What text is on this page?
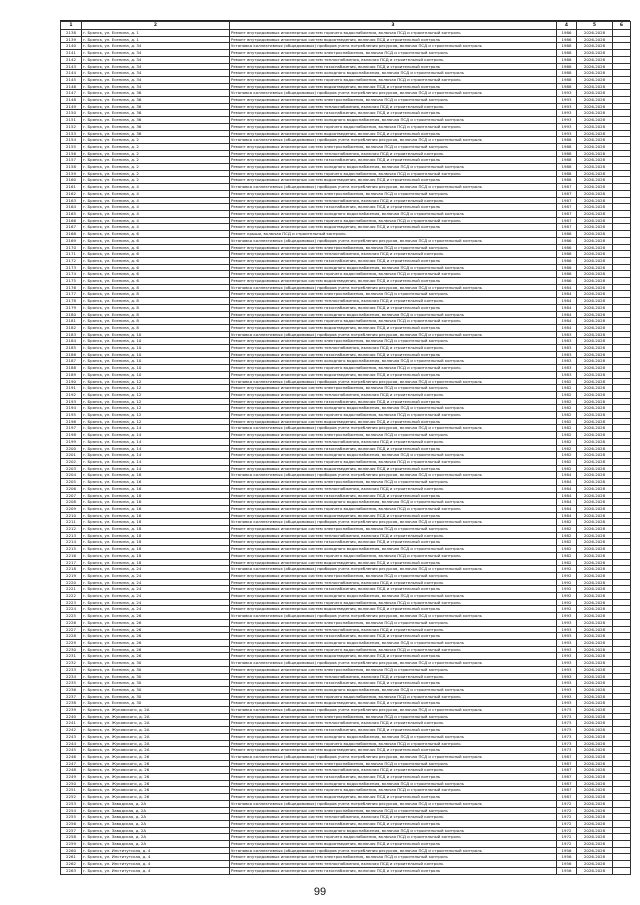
1	2	3	4	5	6
2138	г. Брянск, ул. Есенина, д. 1	Ремонт внутридомовых инженерных систем горячего водоснабжения, включая ПСД и строительный контроль	1986	2026-2028	
2139	г. Брянск, ул. Есенина, д. 1	Ремонт внутридомовых инженерных систем водоотведения, включая ПСД и строительный контроль	1986	2026-2028	
2140	г. Брянск, ул. Есенина, д. 34	Установка коллективных (общедомовых) приборов учета потребления ресурсов, включая ПСД и строительный контроль	1988	2026-2028	
2141	г. Брянск, ул. Есенина, д. 34	Ремонт внутридомовых инженерных систем электроснабжения, включая ПСД и строительный контроль	1988	2026-2028	
2142	г. Брянск, ул. Есенина, д. 34	Ремонт внутридомовых инженерных систем теплоснабжения, включая ПСД и строительный контроль	1988	2026-2028	
2143	г. Брянск, ул. Есенина, д. 34	Ремонт внутридомовых инженерных систем газоснабжения, включая ПСД и строительный контроль	1988	2026-2028	
2144	г. Брянск, ул. Есенина, д. 34	Ремонт внутридомовых инженерных систем холодного водоснабжения, включая ПСД и строительный контроль	1988	2026-2028	
2145	г. Брянск, ул. Есенина, д. 34	Ремонт внутридомовых инженерных систем горячего водоснабжения, включая ПСД и строительный контроль	1988	2026-2028	
2146	г. Брянск, ул. Есенина, д. 34	Ремонт внутридомовых инженерных систем водоотведения, включая ПСД и строительный контроль	1988	2026-2028	
2147	г. Брянск, ул. Есенина, д. 36	Установка коллективных (общедомовых) приборов учета потребления ресурсов, включая ПСД и строительный контроль	1993	2026-2028	
2148	г. Брянск, ул. Есенина, д. 36	Ремонт внутридомовых инженерных систем электроснабжения, включая ПСД и строительный контроль	1993	2026-2028	
2149	г. Брянск, ул. Есенина, д. 36	Ремонт внутридомовых инженерных систем теплоснабжения, включая ПСД и строительный контроль	1993	2026-2028	
2150	г. Брянск, ул. Есенина, д. 36	Ремонт внутридомовых инженерных систем газоснабжения, включая ПСД и строительный контроль	1993	2026-2028	
2151	г. Брянск, ул. Есенина, д. 36	Ремонт внутридомовых инженерных систем холодного водоснабжения, включая ПСД и строительный контроль	1993	2026-2028	
2152	г. Брянск, ул. Есенина, д. 36	Ремонт внутридомовых инженерных систем горячего водоснабжения, включая ПСД и строительный контроль	1993	2026-2028	
2153	г. Брянск, ул. Есенина, д. 36	Ремонт внутридомовых инженерных систем водоотведения, включая ПСД и строительный контроль	1993	2026-2028	
2154	г. Брянск, ул. Есенина, д. 2	Установка коллективных (общедомовых) приборов учета потребления ресурсов, включая ПСД и строительный контроль	1988	2026-2028	
2155	г. Брянск, ул. Есенина, д. 2	Ремонт внутридомовых инженерных систем электроснабжения, включая ПСД и строительный контроль	1988	2026-2028	
2156	г. Брянск, ул. Есенина, д. 2	Ремонт внутридомовых инженерных систем теплоснабжения, включая ПСД и строительный контроль	1988	2026-2028	
2157	г. Брянск, ул. Есенина, д. 2	Ремонт внутридомовых инженерных систем газоснабжения, включая ПСД и строительный контроль	1988	2026-2028	
2158	г. Брянск, ул. Есенина, д. 2	Ремонт внутридомовых инженерных систем холодного водоснабжения, включая ПСД и строительный контроль	1988	2026-2028	
2159	г. Брянск, ул. Есенина, д. 2	Ремонт внутридомовых инженерных систем горячего водоснабжения, включая ПСД и строительный контроль	1988	2026-2028	
2160	г. Брянск, ул. Есенина, д. 2	Ремонт внутридомовых инженерных систем водоотведения, включая ПСД и строительный контроль	1988	2026-2028	
2161	г. Брянск, ул. Есенина, д. 4	Установка коллективных (общедомовых) приборов учета потребления ресурсов, включая ПСД и строительный контроль	1987	2026-2028	
2162	г. Брянск, ул. Есенина, д. 4	Ремонт внутридомовых инженерных систем электроснабжения, включая ПСД и строительный контроль	1987	2026-2028	
2163	г. Брянск, ул. Есенина, д. 4	Ремонт внутридомовых инженерных систем теплоснабжения, включая ПСД и строительный контроль	1987	2026-2028	
2164	г. Брянск, ул. Есенина, д. 4	Ремонт внутридомовых инженерных систем газоснабжения, включая ПСД и строительный контроль	1987	2026-2028	
2165	г. Брянск, ул. Есенина, д. 4	Ремонт внутридомовых инженерных систем холодного водоснабжения, включая ПСД и строительный контроль	1987	2026-2028	
2166	г. Брянск, ул. Есенина, д. 4	Ремонт внутридомовых инженерных систем горячего водоснабжения, включая ПСД и строительный контроль	1987	2026-2028	
2167	г. Брянск, ул. Есенина, д. 4	Ремонт внутридомовых инженерных систем водоотведения, включая ПСД и строительный контроль	1987	2026-2028	
2168	г. Брянск, ул. Есенина, д. 6	Ремонт крыши, включая ПСД и строительный контроль	1986	2026-2028	
2169	г. Брянск, ул. Есенина, д. 6	Установка коллективных (общедомовых) приборов учета потребления ресурсов, включая ПСД и строительный контроль	1986	2026-2028	
2170	г. Брянск, ул. Есенина, д. 6	Ремонт внутридомовых инженерных систем электроснабжения, включая ПСД и строительный контроль	1986	2026-2028	
2171	г. Брянск, ул. Есенина, д. 6	Ремонт внутридомовых инженерных систем теплоснабжения, включая ПСД и строительный контроль	1986	2026-2028	
2172	г. Брянск, ул. Есенина, д. 6	Ремонт внутридомовых инженерных систем газоснабжения, включая ПСД и строительный контроль	1986	2026-2028	
2173	г. Брянск, ул. Есенина, д. 6	Ремонт внутридомовых инженерных систем холодного водоснабжения, включая ПСД и строительный контроль	1986	2026-2028	
2174	г. Брянск, ул. Есенина, д. 6	Ремонт внутридомовых инженерных систем горячего водоснабжения, включая ПСД и строительный контроль	1986	2026-2028	
2175	г. Брянск, ул. Есенина, д. 6	Ремонт внутридомовых инженерных систем водоотведения, включая ПСД и строительный контроль	1986	2026-2028	
2176	г. Брянск, ул. Есенина, д. 8	Установка коллективных (общедомовых) приборов учета потребления ресурсов, включая ПСД и строительный контроль	1984	2026-2028	
2177	г. Брянск, ул. Есенина, д. 8	Ремонт внутридомовых инженерных систем электроснабжения, включая ПСД и строительный контроль	1984	2026-2028	
2178	г. Брянск, ул. Есенина, д. 8	Ремонт внутридомовых инженерных систем теплоснабжения, включая ПСД и строительный контроль	1984	2026-2028	
2179	г. Брянск, ул. Есенина, д. 8	Ремонт внутридомовых инженерных систем газоснабжения, включая ПСД и строительный контроль	1984	2026-2028	
2180	г. Брянск, ул. Есенина, д. 8	Ремонт внутридомовых инженерных систем холодного водоснабжения, включая ПСД и строительный контроль	1984	2026-2028	
2181	г. Брянск, ул. Есенина, д. 8	Ремонт внутридомовых инженерных систем горячего водоснабжения, включая ПСД и строительный контроль	1984	2026-2028	
2182	г. Брянск, ул. Есенина, д. 8	Ремонт внутридомовых инженерных систем водоотведения, включая ПСД и строительный контроль	1984	2026-2028	
2183	г. Брянск, ул. Есенина, д. 10	Установка коллективных (общедомовых) приборов учета потребления ресурсов, включая ПСД и строительный контроль	1983	2026-2028	
2184	г. Брянск, ул. Есенина, д. 10	Ремонт внутридомовых инженерных систем электроснабжения, включая ПСД и строительный контроль	1983	2026-2028	
2185	г. Брянск, ул. Есенина, д. 10	Ремонт внутридомовых инженерных систем теплоснабжения, включая ПСД и строительный контроль	1983	2026-2028	
2186	г. Брянск, ул. Есенина, д. 10	Ремонт внутридомовых инженерных систем газоснабжения, включая ПСД и строительный контроль	1983	2026-2028	
2187	г. Брянск, ул. Есенина, д. 10	Ремонт внутридомовых инженерных систем холодного водоснабжения, включая ПСД и строительный контроль	1983	2026-2028	
2188	г. Брянск, ул. Есенина, д. 10	Ремонт внутридомовых инженерных систем горячего водоснабжения, включая ПСД и строительный контроль	1983	2026-2028	
2189	г. Брянск, ул. Есенина, д. 10	Ремонт внутридомовых инженерных систем водоотведения, включая ПСД и строительный контроль	1983	2026-2028	
2190	г. Брянск, ул. Есенина, д. 12	Установка коллективных (общедомовых) приборов учета потребления ресурсов, включая ПСД и строительный контроль	1982	2026-2028	
2191	г. Брянск, ул. Есенина, д. 12	Ремонт внутридомовых инженерных систем электроснабжения, включая ПСД и строительный контроль	1982	2026-2028	
2192	г. Брянск, ул. Есенина, д. 12	Ремонт внутридомовых инженерных систем теплоснабжения, включая ПСД и строительный контроль	1982	2026-2028	
2193	г. Брянск, ул. Есенина, д. 12	Ремонт внутридомовых инженерных систем газоснабжения, включая ПСД и строительный контроль	1982	2026-2028	
2194	г. Брянск, ул. Есенина, д. 12	Ремонт внутридомовых инженерных систем холодного водоснабжения, включая ПСД и строительный контроль	1982	2026-2028	
2195	г. Брянск, ул. Есенина, д. 12	Ремонт внутридомовых инженерных систем горячего водоснабжения, включая ПСД и строительный контроль	1982	2026-2028	
2196	г. Брянск, ул. Есенина, д. 12	Ремонт внутридомовых инженерных систем водоотведения, включая ПСД и строительный контроль	1982	2026-2028	
2197	г. Брянск, ул. Есенина, д. 14	Установка коллективных (общедомовых) приборов учета потребления ресурсов, включая ПСД и строительный контроль	1982	2026-2028	
2198	г. Брянск, ул. Есенина, д. 14	Ремонт внутридомовых инженерных систем электроснабжения, включая ПСД и строительный контроль	1982	2026-2028	
2199	г. Брянск, ул. Есенина, д. 14	Ремонт внутридомовых инженерных систем теплоснабжения, включая ПСД и строительный контроль	1982	2026-2028	
2200	г. Брянск, ул. Есенина, д. 14	Ремонт внутридомовых инженерных систем газоснабжения, включая ПСД и строительный контроль	1982	2026-2028	
2201	г. Брянск, ул. Есенина, д. 14	Ремонт внутридомовых инженерных систем холодного водоснабжения, включая ПСД и строительный контроль	1982	2026-2028	
2202	г. Брянск, ул. Есенина, д. 14	Ремонт внутридомовых инженерных систем горячего водоснабжения, включая ПСД и строительный контроль	1982	2026-2028	
2203	г. Брянск, ул. Есенина, д. 14	Ремонт внутридомовых инженерных систем водоотведения, включая ПСД и строительный контроль	1982	2026-2028	
2204	г. Брянск, ул. Есенина, д. 16	Установка коллективных (общедомовых) приборов учета потребления ресурсов, включая ПСД и строительный контроль	1984	2026-2028	
2205	г. Брянск, ул. Есенина, д. 16	Ремонт внутридомовых инженерных систем электроснабжения, включая ПСД и строительный контроль	1984	2026-2028	
2206	г. Брянск, ул. Есенина, д. 16	Ремонт внутридомовых инженерных систем теплоснабжения, включая ПСД и строительный контроль	1984	2026-2028	
2207	г. Брянск, ул. Есенина, д. 16	Ремонт внутридомовых инженерных систем газоснабжения, включая ПСД и строительный контроль	1984	2026-2028	
2208	г. Брянск, ул. Есенина, д. 16	Ремонт внутридомовых инженерных систем холодного водоснабжения, включая ПСД и строительный контроль	1984	2026-2028	
2209	г. Брянск, ул. Есенина, д. 16	Ремонт внутридомовых инженерных систем горячего водоснабжения, включая ПСД и строительный контроль	1984	2026-2028	
2210	г. Брянск, ул. Есенина, д. 16	Ремонт внутридомовых инженерных систем водоотведения, включая ПСД и строительный контроль	1984	2026-2028	
2211	г. Брянск, ул. Есенина, д. 18	Установка коллективных (общедомовых) приборов учета потребления ресурсов, включая ПСД и строительный контроль	1982	2026-2028	
2212	г. Брянск, ул. Есенина, д. 18	Ремонт внутридомовых инженерных систем электроснабжения, включая ПСД и строительный контроль	1982	2026-2028	
2213	г. Брянск, ул. Есенина, д. 18	Ремонт внутридомовых инженерных систем теплоснабжения, включая ПСД и строительный контроль	1982	2026-2028	
2214	г. Брянск, ул. Есенина, д. 18	Ремонт внутридомовых инженерных систем газоснабжения, включая ПСД и строительный контроль	1982	2026-2028	
2215	г. Брянск, ул. Есенина, д. 18	Ремонт внутридомовых инженерных систем холодного водоснабжения, включая ПСД и строительный контроль	1982	2026-2028	
2216	г. Брянск, ул. Есенина, д. 18	Ремонт внутридомовых инженерных систем горячего водоснабжения, включая ПСД и строительный контроль	1982	2026-2028	
2217	г. Брянск, ул. Есенина, д. 18	Ремонт внутридомовых инженерных систем водоотведения, включая ПСД и строительный контроль	1982	2026-2028	
2218	г. Брянск, ул. Есенина, д. 24	Установка коллективных (общедомовых) приборов учета потребления ресурсов, включая ПСД и строительный контроль	1992	2026-2028	
2219	г. Брянск, ул. Есенина, д. 24	Ремонт внутридомовых инженерных систем электроснабжения, включая ПСД и строительный контроль	1992	2026-2028	
2220	г. Брянск, ул. Есенина, д. 24	Ремонт внутридомовых инженерных систем теплоснабжения, включая ПСД и строительный контроль	1992	2026-2028	
2221	г. Брянск, ул. Есенина, д. 24	Ремонт внутридомовых инженерных систем газоснабжения, включая ПСД и строительный контроль	1992	2026-2028	
2222	г. Брянск, ул. Есенина, д. 24	Ремонт внутридомовых инженерных систем холодного водоснабжения, включая ПСД и строительный контроль	1992	2026-2028	
2223	г. Брянск, ул. Есенина, д. 24	Ремонт внутридомовых инженерных систем горячего водоснабжения, включая ПСД и строительный контроль	1992	2026-2028	
2224	г. Брянск, ул. Есенина, д. 24	Ремонт внутридомовых инженерных систем водоотведения, включая ПСД и строительный контроль	1992	2026-2028	
2225	г. Брянск, ул. Есенина, д. 26	Установка коллективных (общедомовых) приборов учета потребления ресурсов, включая ПСД и строительный контроль	1993	2026-2028	
2226	г. Брянск, ул. Есенина, д. 26	Ремонт внутридомовых инженерных систем электроснабжения, включая ПСД и строительный контроль	1993	2026-2028	
2227	г. Брянск, ул. Есенина, д. 26	Ремонт внутридомовых инженерных систем теплоснабжения, включая ПСД и строительный контроль	1993	2026-2028	
2228	г. Брянск, ул. Есенина, д. 26	Ремонт внутридомовых инженерных систем газоснабжения, включая ПСД и строительный контроль	1993	2026-2028	
2229	г. Брянск, ул. Есенина, д. 26	Ремонт внутридомовых инженерных систем холодного водоснабжения, включая ПСД и строительный контроль	1993	2026-2028	
2230	г. Брянск, ул. Есенина, д. 26	Ремонт внутридомовых инженерных систем горячего водоснабжения, включая ПСД и строительный контроль	1993	2026-2028	
2231	г. Брянск, ул. Есенина, д. 26	Ремонт внутридомовых инженерных систем водоотведения, включая ПСД и строительный контроль	1993	2026-2028	
2232	г. Брянск, ул. Есенина, д. 30	Установка коллективных (общедомовых) приборов учета потребления ресурсов, включая ПСД и строительный контроль	1993	2026-2028	
2233	г. Брянск, ул. Есенина, д. 30	Ремонт внутридомовых инженерных систем электроснабжения, включая ПСД и строительный контроль	1993	2026-2028	
2234	г. Брянск, ул. Есенина, д. 30	Ремонт внутридомовых инженерных систем теплоснабжения, включая ПСД и строительный контроль	1993	2026-2028	
2235	г. Брянск, ул. Есенина, д. 30	Ремонт внутридомовых инженерных систем газоснабжения, включая ПСД и строительный контроль	1993	2026-2028	
2236	г. Брянск, ул. Есенина, д. 30	Ремонт внутридомовых инженерных систем холодного водоснабжения, включая ПСД и строительный контроль	1993	2026-2028	
2237	г. Брянск, ул. Есенина, д. 30	Ремонт внутридомовых инженерных систем горячего водоснабжения, включая ПСД и строительный контроль	1993	2026-2028	
2238	г. Брянск, ул. Есенина, д. 30	Ремонт внутридомовых инженерных систем водоотведения, включая ПСД и строительный контроль	1993	2026-2028	
2239	г. Брянск, ул. Жуковского, д. 2А	Установка коллективных (общедомовых) приборов учета потребления ресурсов, включая ПСД и строительный контроль	1973	2026-2028	
2240	г. Брянск, ул. Жуковского, д. 2А	Ремонт внутридомовых инженерных систем электроснабжения, включая ПСД и строительный контроль	1973	2026-2028	
2241	г. Брянск, ул. Жуковского, д. 2А	Ремонт внутридомовых инженерных систем теплоснабжения, включая ПСД и строительный контроль	1973	2026-2028	
2242	г. Брянск, ул. Жуковского, д. 2А	Ремонт внутридомовых инженерных систем газоснабжения, включая ПСД и строительный контроль	1973	2026-2028	
2243	г. Брянск, ул. Жуковского, д. 2А	Ремонт внутридомовых инженерных систем холодного водоснабжения, включая ПСД и строительный контроль	1973	2026-2028	
2244	г. Брянск, ул. Жуковского, д. 2А	Ремонт внутридомовых инженерных систем горячего водоснабжения, включая ПСД и строительный контроль	1973	2026-2028	
2245	г. Брянск, ул. Жуковского, д. 2А	Ремонт внутридомовых инженерных систем водоотведения, включая ПСД и строительный контроль	1973	2026-2028	
2246	г. Брянск, ул. Жуковского, д. 26	Установка коллективных (общедомовых) приборов учета потребления ресурсов, включая ПСД и строительный контроль	1987	2026-2028	
2247	г. Брянск, ул. Жуковского, д. 26	Ремонт внутридомовых инженерных систем электроснабжения, включая ПСД и строительный контроль	1987	2026-2028	
2248	г. Брянск, ул. Жуковского, д. 26	Ремонт внутридомовых инженерных систем теплоснабжения, включая ПСД и строительный контроль	1987	2026-2028	
2249	г. Брянск, ул. Жуковского, д. 26	Ремонт внутридомовых инженерных систем газоснабжения, включая ПСД и строительный контроль	1987	2026-2028	
2250	г. Брянск, ул. Жуковского, д. 26	Ремонт внутридомовых инженерных систем холодного водоснабжения, включая ПСД и строительный контроль	1987	2026-2028	
2251	г. Брянск, ул. Жуковского, д. 26	Ремонт внутридомовых инженерных систем горячего водоснабжения, включая ПСД и строительный контроль	1987	2026-2028	
2252	г. Брянск, ул. Жуковского, д. 26	Ремонт внутридомовых инженерных систем водоотведения, включая ПСД и строительный контроль	1987	2026-2028	
2253	г. Брянск, ул. Заводская, д. 2А	Установка коллективных (общедомовых) приборов учета потребления ресурсов, включая ПСД и строительный контроль	1972	2026-2028	
2254	г. Брянск, ул. Заводская, д. 2А	Ремонт внутридомовых инженерных систем электроснабжения, включая ПСД и строительный контроль	1972	2026-2028	
2255	г. Брянск, ул. Заводская, д. 2А	Ремонт внутридомовых инженерных систем теплоснабжения, включая ПСД и строительный контроль	1972	2026-2028	
2256	г. Брянск, ул. Заводская, д. 2А	Ремонт внутридомовых инженерных систем газоснабжения, включая ПСД и строительный контроль	1972	2026-2028	
2257	г. Брянск, ул. Заводская, д. 2А	Ремонт внутридомовых инженерных систем холодного водоснабжения, включая ПСД и строительный контроль	1972	2026-2028	
2258	г. Брянск, ул. Заводская, д. 2А	Ремонт внутридомовых инженерных систем горячего водоснабжения, включая ПСД и строительный контроль	1972	2026-2028	
2259	г. Брянск, ул. Заводская, д. 2А	Ремонт внутридомовых инженерных систем водоотведения, включая ПСД и строительный контроль	1972	2026-2028	
2260	г. Брянск, ул. Институтская, д. 4	Установка коллективных (общедомовых) приборов учета потребления ресурсов, включая ПСД и строительный контроль	1956	2026-2028	
2261	г. Брянск, ул. Институтская, д. 4	Ремонт внутридомовых инженерных систем электроснабжения, включая ПСД и строительный контроль	1956	2026-2028	
2262	г. Брянск, ул. Институтская, д. 4	Ремонт внутридомовых инженерных систем теплоснабжения, включая ПСД и строительный контроль	1956	2026-2028	
2263	г. Брянск, ул. Институтская, д. 4	Ремонт внутридомовых инженерных систем газоснабжения, включая ПСД и строительный контроль	1956	2026-2028	
99
